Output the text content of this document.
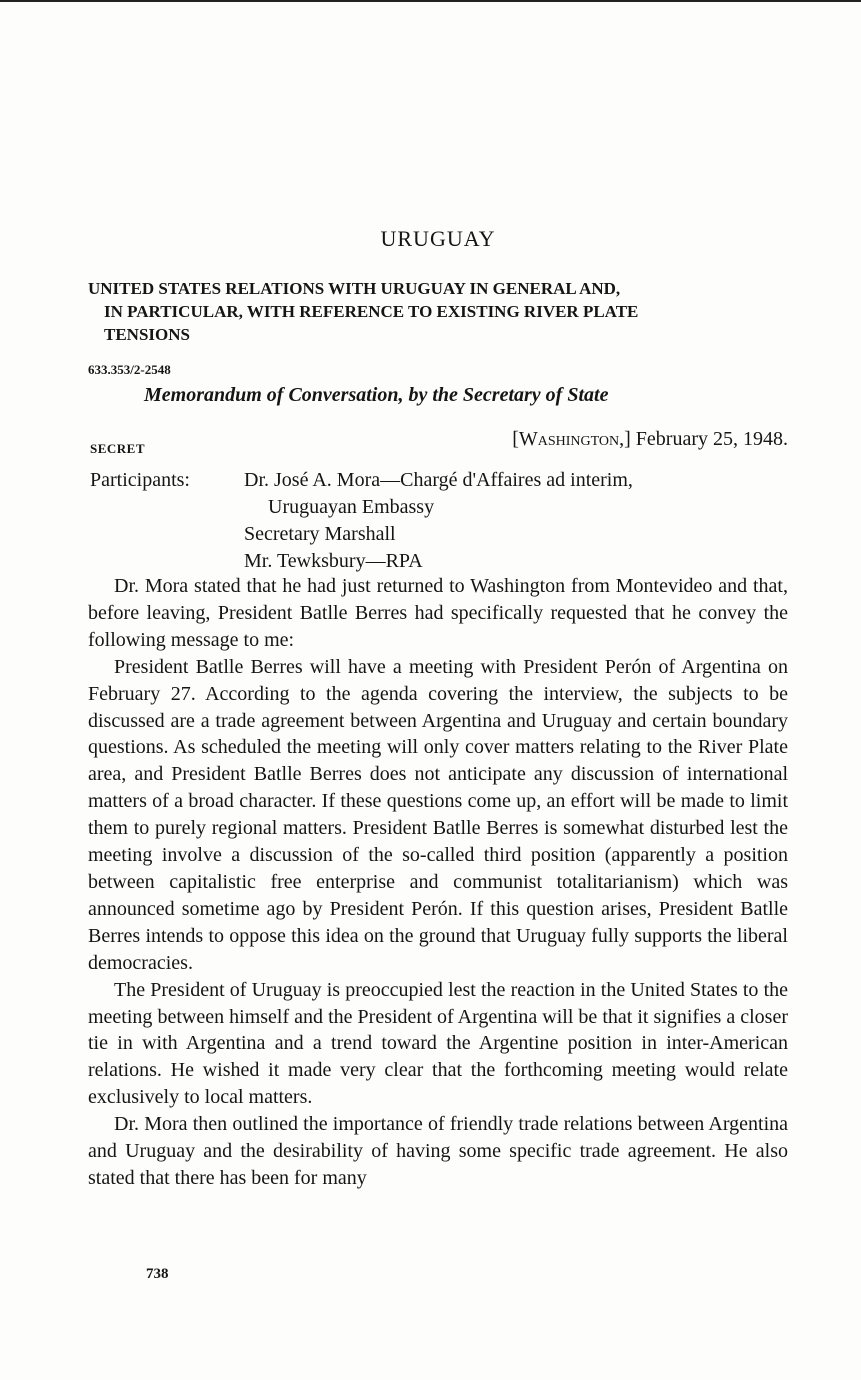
URUGUAY
UNITED STATES RELATIONS WITH URUGUAY IN GENERAL AND,
IN PARTICULAR, WITH REFERENCE TO EXISTING RIVER PLATE
TENSIONS
633.353/2-2548
Memorandum of Conversation, by the Secretary of State
SECRET	[Washington,] February 25, 1948.
Participants:	Dr. José A. Mora—Chargé d'Affaires ad interim,
Uruguayan Embassy
Secretary Marshall
Mr. Tewksbury—RPA

Dr. Mora stated that he had just returned to Washington from Montevideo and that, before leaving, President Batlle Berres had specifically requested that he convey the following message to me:

President Batlle Berres will have a meeting with President Perón of Argentina on February 27. According to the agenda covering the interview, the subjects to be discussed are a trade agreement between Argentina and Uruguay and certain boundary questions. As scheduled the meeting will only cover matters relating to the River Plate area, and President Batlle Berres does not anticipate any discussion of international matters of a broad character. If these questions come up, an effort will be made to limit them to purely regional matters. President Batlle Berres is somewhat disturbed lest the meeting involve a discussion of the so-called third position (apparently a position between capitalistic free enterprise and communist totalitarianism) which was announced sometime ago by President Perón. If this question arises, President Batlle Berres intends to oppose this idea on the ground that Uruguay fully supports the liberal democracies.

The President of Uruguay is preoccupied lest the reaction in the United States to the meeting between himself and the President of Argentina will be that it signifies a closer tie in with Argentina and a trend toward the Argentine position in inter-American relations. He wished it made very clear that the forthcoming meeting would relate exclusively to local matters.

Dr. Mora then outlined the importance of friendly trade relations between Argentina and Uruguay and the desirability of having some specific trade agreement. He also stated that there has been for many

738
